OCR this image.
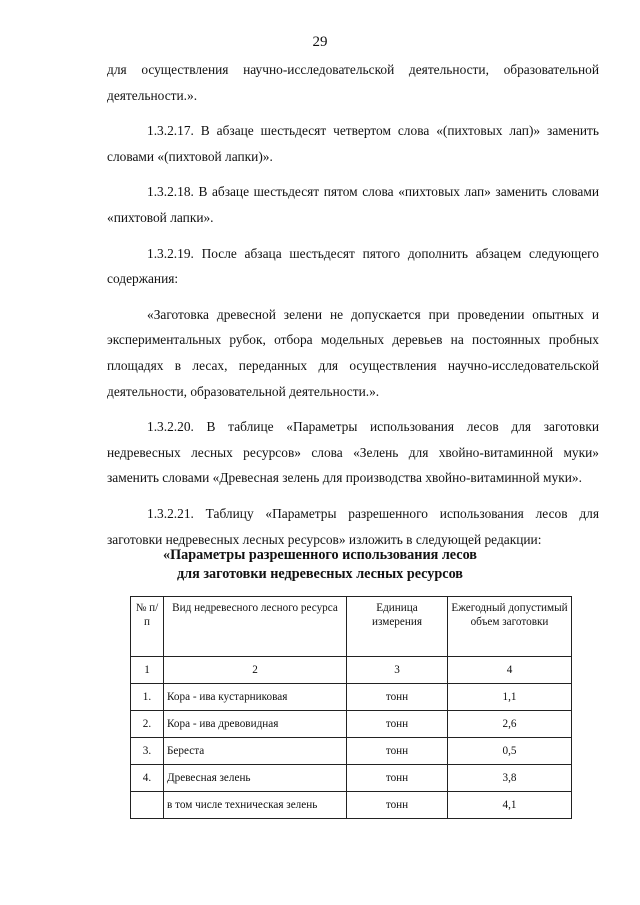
29

для осуществления научно-исследовательской деятельности, образовательной деятельности.».

1.3.2.17. В абзаце шестьдесят четвертом слова «(пихтовых лап)» заменить словами «(пихтовой лапки)».

1.3.2.18. В абзаце шестьдесят пятом слова «пихтовых лап» заменить словами «пихтовой лапки».

1.3.2.19. После абзаца шестьдесят пятого дополнить абзацем следующего содержания:

«Заготовка древесной зелени не допускается при проведении опытных и экспериментальных рубок, отбора модельных деревьев на постоянных пробных площадях в лесах, переданных для осуществления научно-исследовательской деятельности, образовательной деятельности.».

1.3.2.20. В таблице «Параметры использования лесов для заготовки недревесных лесных ресурсов» слова «Зелень для хвойно-витаминной муки» заменить словами «Древесная зелень для производства хвойно-витаминной муки».

1.3.2.21. Таблицу «Параметры разрешенного использования лесов для заготовки недревесных лесных ресурсов» изложить в следующей редакции:

«Параметры разрешенного использования лесов
для заготовки недревесных лесных ресурсов
№ п/п	Вид недревесного лесного ресурса	Единица измерения	Ежегодный допустимый объем заготовки
1	2	3	4
1.	Кора - ива кустарниковая	тонн	1,1
2.	Кора - ива древовидная	тонн	2,6
3.	Береста	тонн	0,5
4.	Древесная зелень	тонн	3,8
	в том числе техническая зелень	тонн	4,1
